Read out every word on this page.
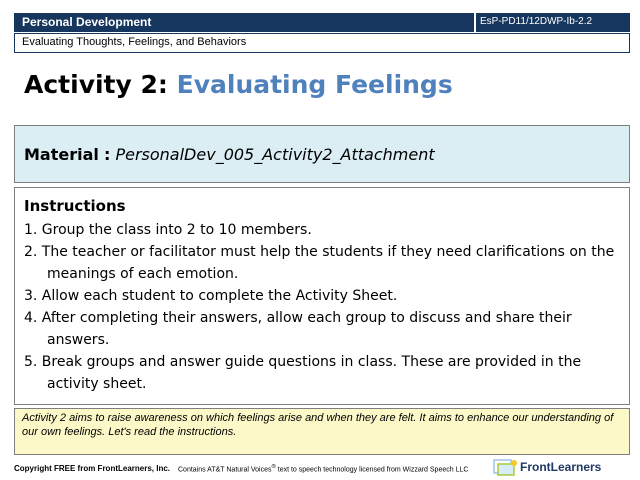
Personal Development	EsP-PD11/12DWP-Ib-2.2
Evaluating Thoughts, Feelings, and Behaviors
Activity 2: Evaluating Feelings
Material : PersonalDev_005_Activity2_Attachment
Instructions
1. Group the class into 2 to 10 members.
2. The teacher or facilitator must help the students if they need clarifications on the meanings of each emotion.
3. Allow each student to complete the Activity Sheet.
4. After completing their answers, allow each group to discuss and share their answers.
5. Break groups and answer guide questions in class. These are provided in the activity sheet.
Activity 2 aims to raise awareness on which feelings arise and when they are felt. It aims to enhance our understanding of our own feelings. Let's read the instructions.
Copyright FREE from FrontLearners, Inc. Contains AT&T Natural Voices® text to speech technology licensed from Wizzard Speech LLC	FrontLearners
